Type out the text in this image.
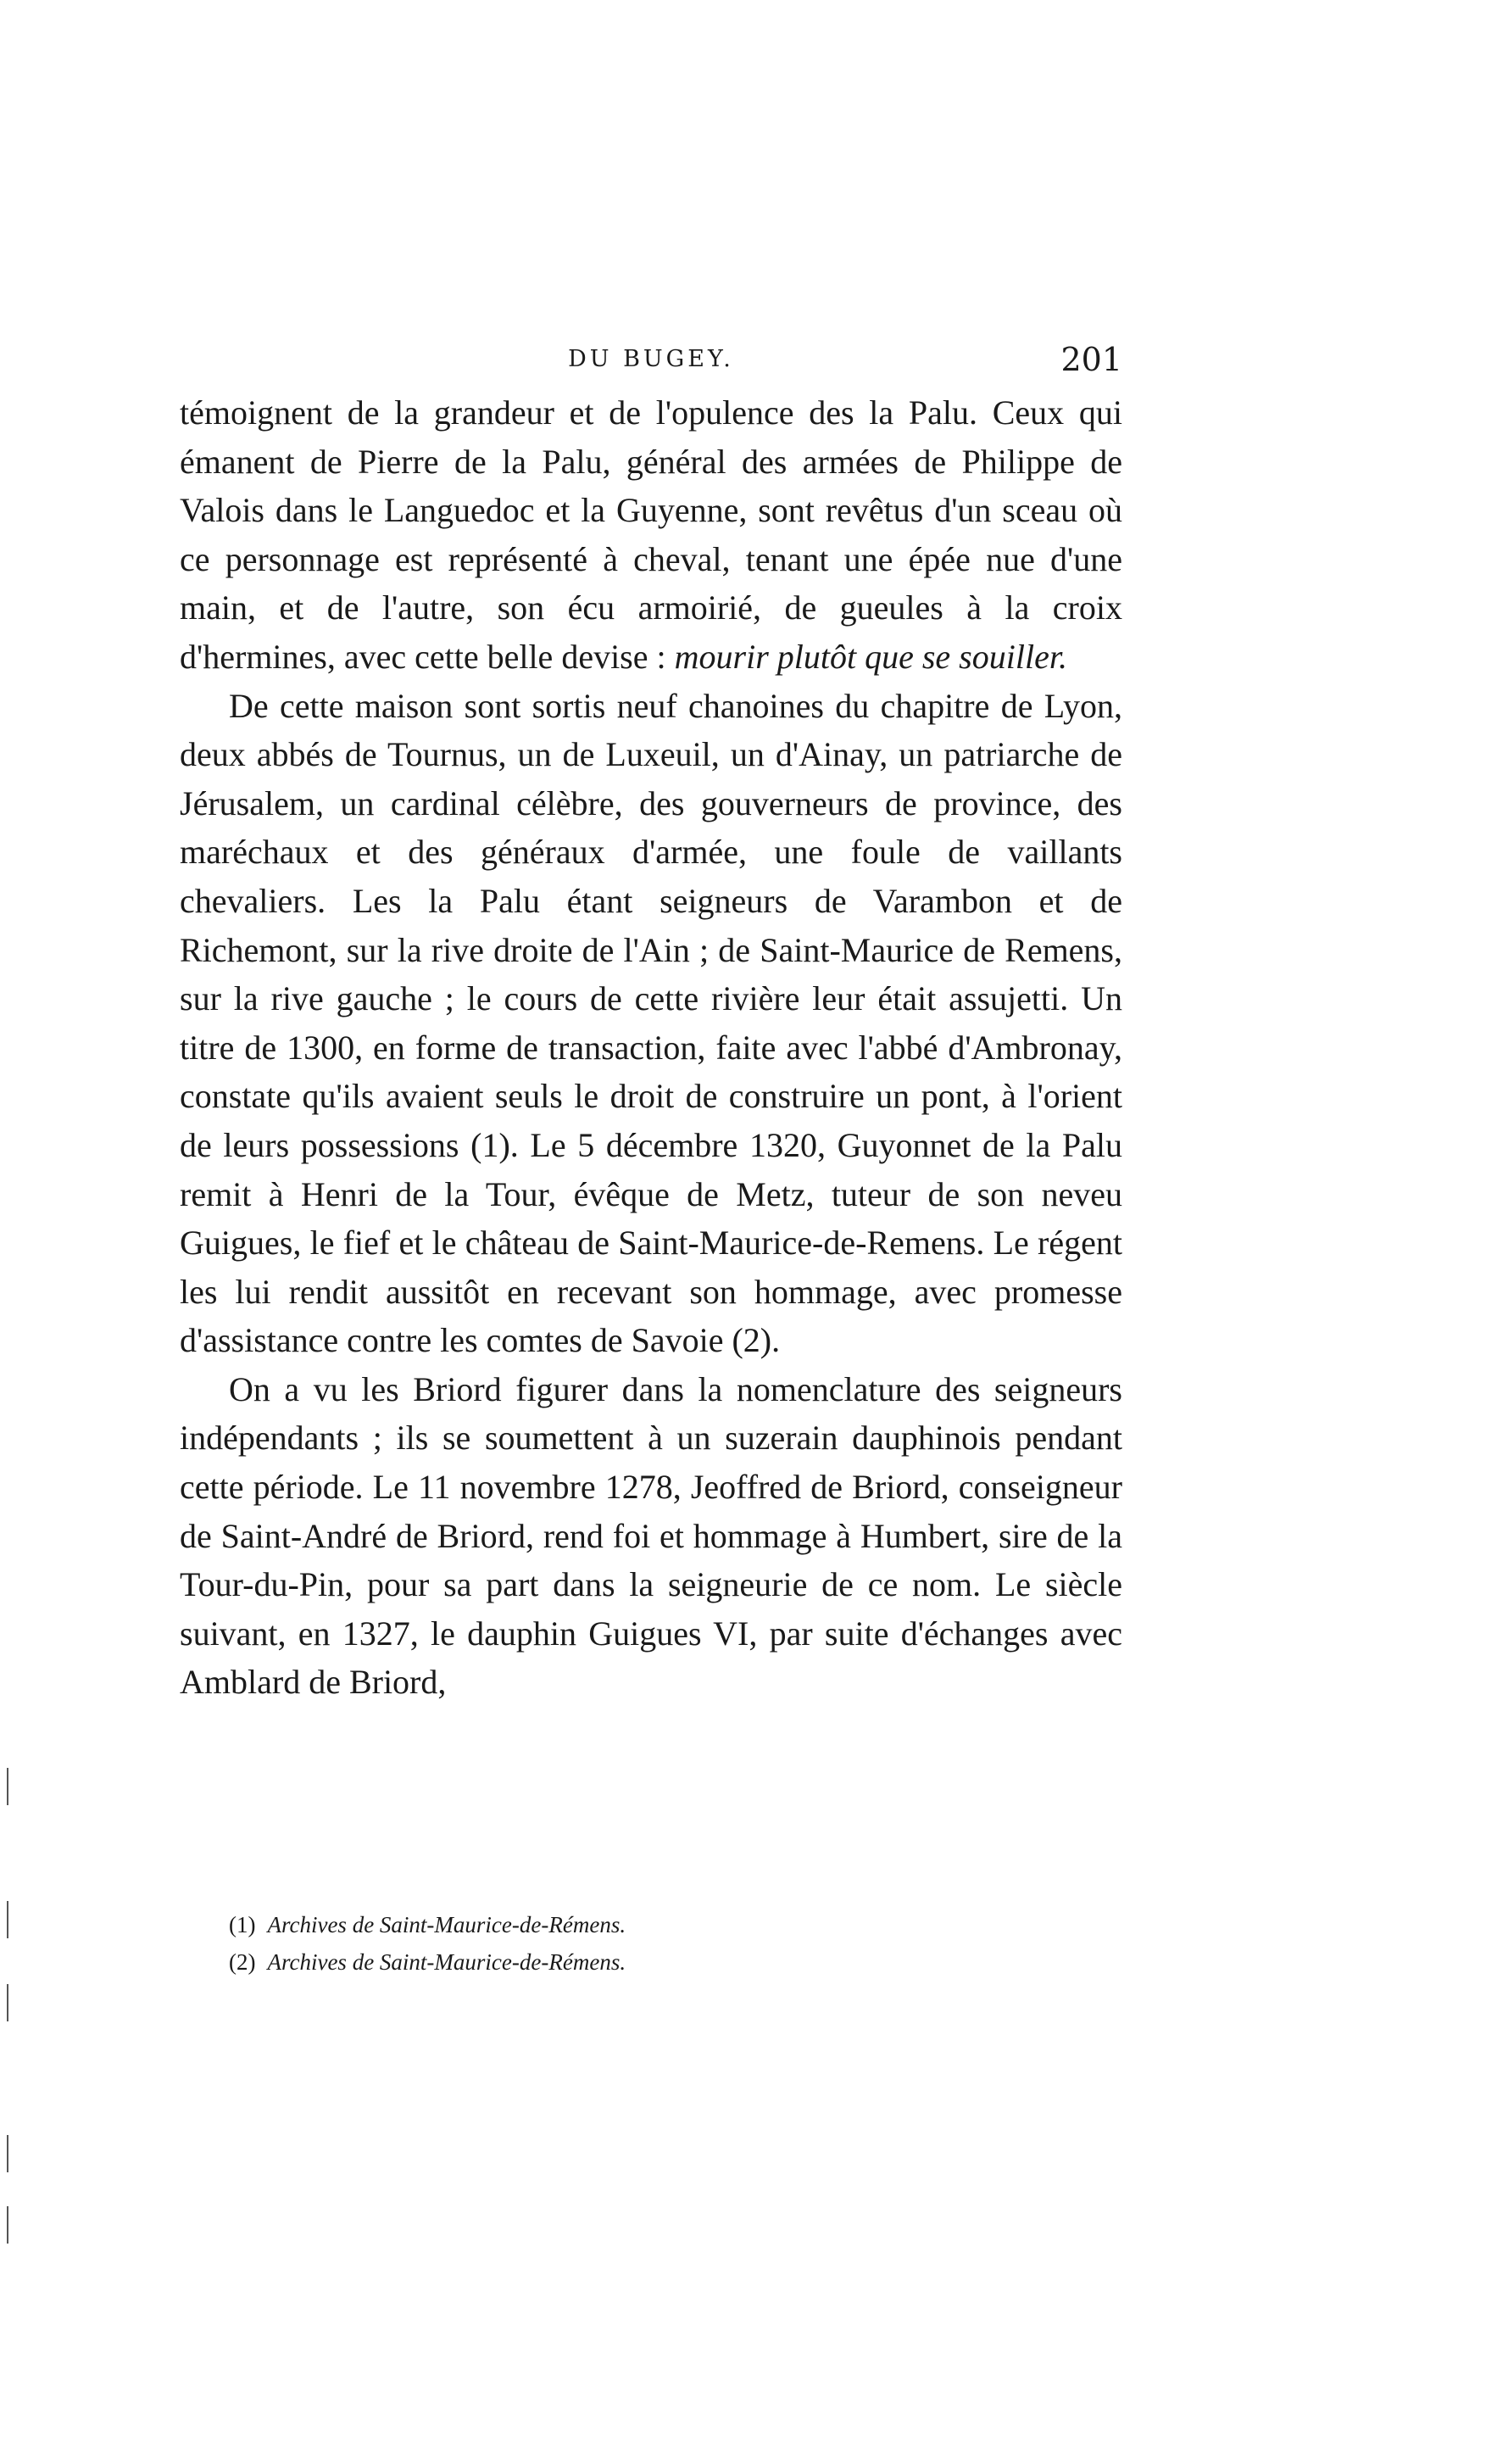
DU BUGEY.	201

témoignent de la grandeur et de l'opulence des la Palu. Ceux qui émanent de Pierre de la Palu, général des armées de Philippe de Valois dans le Languedoc et la Guyenne, sont revêtus d'un sceau où ce personnage est représenté à cheval, tenant une épée nue d'une main, et de l'autre, son écu armoirié, de gueules à la croix d'hermines, avec cette belle devise : mourir plutôt que se souiller.

De cette maison sont sortis neuf chanoines du chapitre de Lyon, deux abbés de Tournus, un de Luxeuil, un d'Ainay, un patriarche de Jérusalem, un cardinal célèbre, des gouverneurs de province, des maréchaux et des généraux d'armée, une foule de vaillants chevaliers. Les la Palu étant seigneurs de Varambon et de Richemont, sur la rive droite de l'Ain ; de Saint-Maurice de Remens, sur la rive gauche ; le cours de cette rivière leur était assujetti. Un titre de 1300, en forme de transaction, faite avec l'abbé d'Ambronay, constate qu'ils avaient seuls le droit de construire un pont, à l'orient de leurs possessions (1). Le 5 décembre 1320, Guyonnet de la Palu remit à Henri de la Tour, évêque de Metz, tuteur de son neveu Guigues, le fief et le château de Saint-Maurice-de-Remens. Le régent les lui rendit aussitôt en recevant son hommage, avec promesse d'assistance contre les comtes de Savoie (2).

On a vu les Briord figurer dans la nomenclature des seigneurs indépendants ; ils se soumettent à un suzerain dauphinois pendant cette période. Le 11 novembre 1278, Jeoffred de Briord, conseigneur de Saint-André de Briord, rend foi et hommage à Humbert, sire de la Tour-du-Pin, pour sa part dans la seigneurie de ce nom. Le siècle suivant, en 1327, le dauphin Guigues VI, par suite d'échanges avec Amblard de Briord,

(1) Archives de Saint-Maurice-de-Rémens.
(2) Archives de Saint-Maurice-de-Rémens.
